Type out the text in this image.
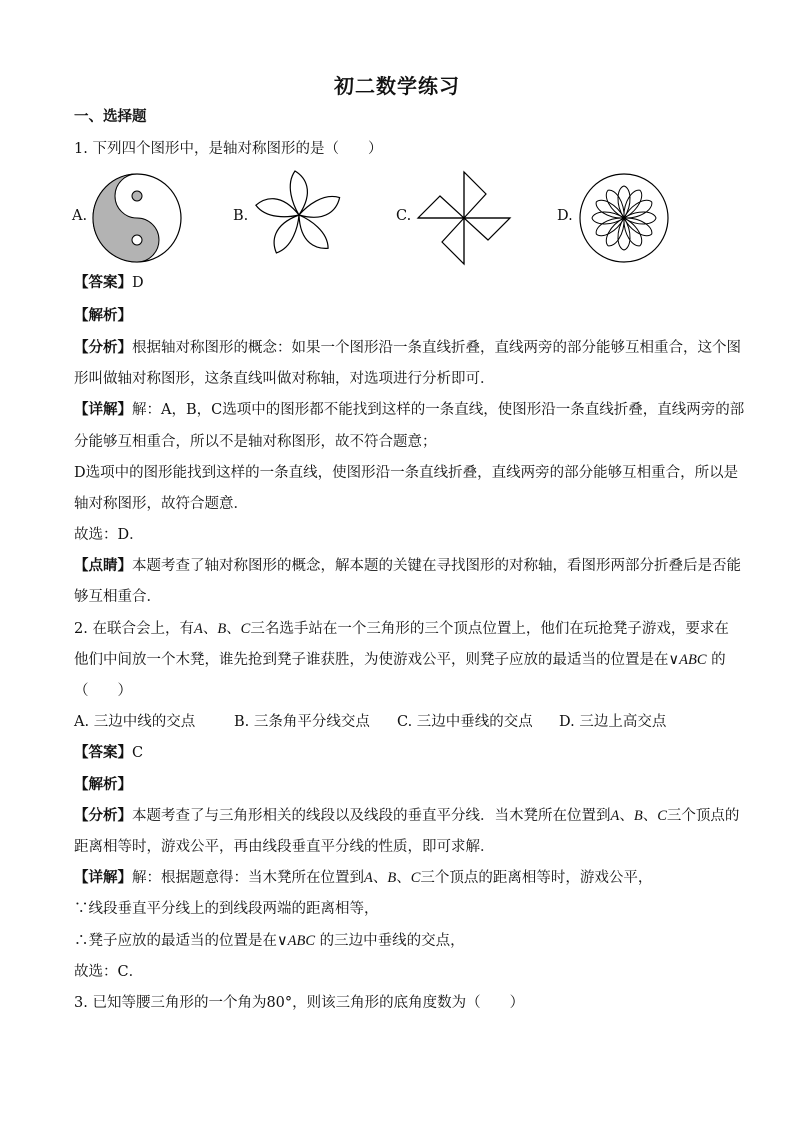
初二数学练习
一、选择题
1. 下列四个图形中，是轴对称图形的是（　　）
A.	B.	C.	D.
【答案】D
【解析】
【分析】根据轴对称图形的概念：如果一个图形沿一条直线折叠，直线两旁的部分能够互相重合，这个图
形叫做轴对称图形，这条直线叫做对称轴，对选项进行分析即可．
【详解】解：A，B，C选项中的图形都不能找到这样的一条直线，使图形沿一条直线折叠，直线两旁的部
分能够互相重合，所以不是轴对称图形，故不符合题意；
D选项中的图形能找到这样的一条直线，使图形沿一条直线折叠，直线两旁的部分能够互相重合，所以是
轴对称图形，故符合题意．
故选：D．
【点睛】本题考查了轴对称图形的概念，解本题的关键在寻找图形的对称轴，看图形两部分折叠后是否能
够互相重合．
2. 在联合会上，有A、B、C三名选手站在一个三角形的三个顶点位置上，他们在玩抢凳子游戏，要求在
他们中间放一个木凳，谁先抢到凳子谁获胜，为使游戏公平，则凳子应放的最适当的位置是在∨ABC 的
（　　）
A. 三边中线的交点	B. 三条角平分线交点 C. 三边中垂线的交点 D. 三边上高交点
【答案】C
【解析】
【分析】本题考查了与三角形相关的线段以及线段的垂直平分线．当木凳所在位置到A、B、C三个顶点的
距离相等时，游戏公平，再由线段垂直平分线的性质，即可求解．
【详解】解：根据题意得：当木凳所在位置到A、B、C三个顶点的距离相等时，游戏公平，
∵线段垂直平分线上的到线段两端的距离相等，
∴凳子应放的最适当的位置是在∨ABC 的三边中垂线的交点，
故选：C．
3. 已知等腰三角形的一个角为80°，则该三角形的底角度数为（　　）
